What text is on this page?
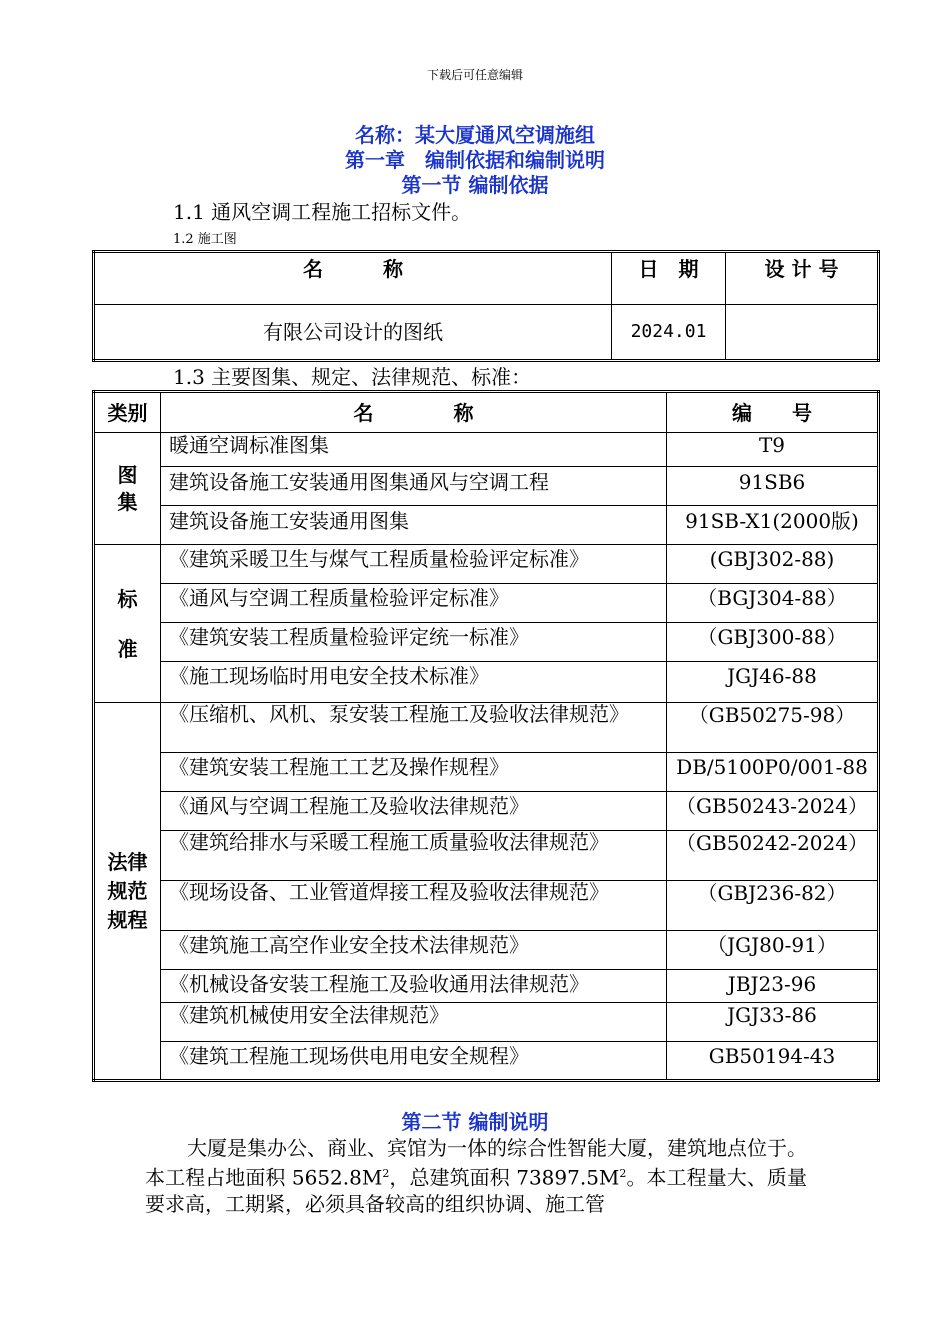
下载后可任意编辑
名称：某大厦通风空调施组
第一章　编制依据和编制说明
第一节 编制依据
1.1 通风空调工程施工招标文件。
1.2 施工图
名　　　称	日　期	设 计 号
有限公司设计的图纸	2024.01	
1.3 主要图集、规定、法律规范、标准：
类别	名　　　　称	编　　号
图集	暖通空调标准图集	T9
	建筑设备施工安装通用图集通风与空调工程	91SB6
	建筑设备施工安装通用图集	91SB-X1(2000版)
标准	《建筑采暖卫生与煤气工程质量检验评定标准》	(GBJ302-88)
	《通风与空调工程质量检验评定标准》	（BGJ304-88）
	《建筑安装工程质量检验评定统一标准》	（GBJ300-88）
	《施工现场临时用电安全技术标准》	JGJ46-88
法律规范规程	《压缩机、风机、泵安装工程施工及验收法律规范》	（GB50275-98）
	《建筑安装工程施工工艺及操作规程》	DB/5100P0/001-88
	《通风与空调工程施工及验收法律规范》	（GB50243-2024）
	《建筑给排水与采暖工程施工质量验收法律规范》	（GB50242-2024）
	《现场设备、工业管道焊接工程及验收法律规范》	（GBJ236-82）
	《建筑施工高空作业安全技术法律规范》	（JGJ80-91）
	《机械设备安装工程施工及验收通用法律规范》	JBJ23-96
	《建筑机械使用安全法律规范》	JGJ33-86
	《建筑工程施工现场供电用电安全规程》	GB50194-43
第二节 编制说明
大厦是集办公、商业、宾馆为一体的综合性智能大厦，建筑地点位于。本工程占地面积 $5652.8M^2$，总建筑面积 $73897.5M^2$。本工程量大、质量要求高，工期紧，必须具备较高的组织协调、施工管
